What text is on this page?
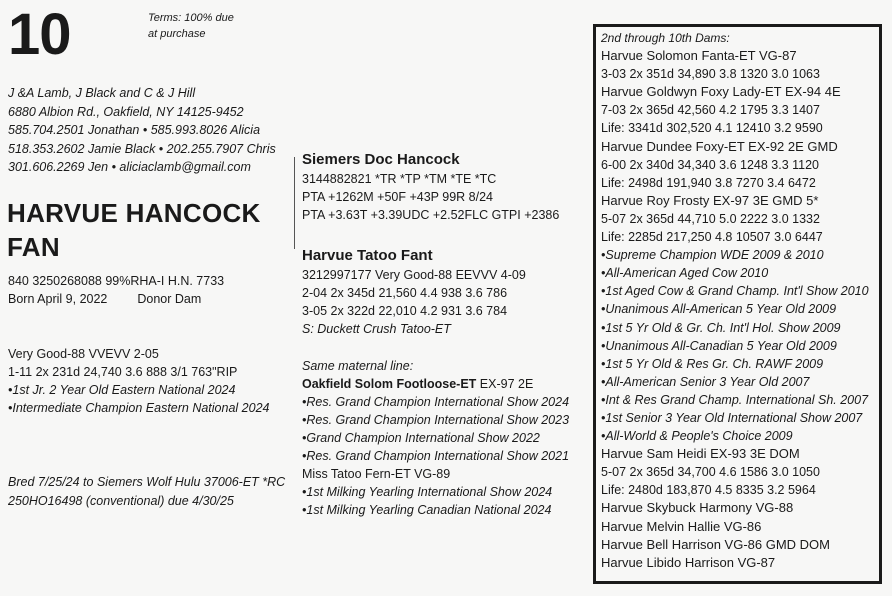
10	Terms: 100% due
at purchase
J &A Lamb, J Black and C & J Hill
6880 Albion Rd., Oakfield, NY 14125-9452
585.704.2501 Jonathan • 585.993.8026 Alicia
518.353.2602 Jamie Black • 202.255.7907 Chris
301.606.2269 Jen • aliciaclamb@gmail.com
HARVUE HANCOCK
FAN
840 3250268088 99%RHA-I H.N. 7733
Born April 9, 2022 Donor Dam
Very Good-88 VVEVV 2-05
1-11 2x 231d 24,740 3.6 888 3/1 763"RIP
•1st Jr. 2 Year Old Eastern National 2024
•Intermediate Champion Eastern National 2024
Bred 7/25/24 to Siemers Wolf Hulu 37006-ET *RC
250HO16498 (conventional) due 4/30/25
Siemers Doc Hancock
3144882821 *TR *TP *TM *TE *TC
PTA +1262M +50F +43P 99R 8/24
PTA +3.63T +3.39UDC +2.52FLC GTPI +2386
Harvue Tatoo Fant
3212997177 Very Good-88 EEVVV 4-09
2-04 2x 345d 21,560 4.4 938 3.6 786
3-05 2x 322d 22,010 4.2 931 3.6 784
S: Duckett Crush Tatoo-ET
Same maternal line:
Oakfield Solom Footloose-ET EX-97 2E
•Res. Grand Champion International Show 2024
•Res. Grand Champion International Show 2023
•Grand Champion International Show 2022
•Res. Grand Champion International Show 2021
Miss Tatoo Fern-ET VG-89
•1st Milking Yearling International Show 2024
•1st Milking Yearling Canadian National 2024
2nd through 10th Dams:
Harvue Solomon Fanta-ET VG-87
3-03 2x 351d 34,890 3.8 1320 3.0 1063
Harvue Goldwyn Foxy Lady-ET EX-94 4E
7-03 2x 365d 42,560 4.2 1795 3.3 1407
Life: 3341d 302,520 4.1 12410 3.2 9590
Harvue Dundee Foxy-ET EX-92 2E GMD
6-00 2x 340d 34,340 3.6 1248 3.3 1120
Life: 2498d 191,940 3.8 7270 3.4 6472
Harvue Roy Frosty EX-97 3E GMD 5*
5-07 2x 365d 44,710 5.0 2222 3.0 1332
Life: 2285d 217,250 4.8 10507 3.0 6447
•Supreme Champion WDE 2009 & 2010
•All-American Aged Cow 2010
•1st Aged Cow & Grand Champ. Int'l Show 2010
•Unanimous All-American 5 Year Old 2009
•1st 5 Yr Old & Gr. Ch. Int'l Hol. Show 2009
•Unanimous All-Canadian 5 Year Old 2009
•1st 5 Yr Old & Res Gr. Ch. RAWF 2009
•All-American Senior 3 Year Old 2007
•Int & Res Grand Champ. International Sh. 2007
•1st Senior 3 Year Old International Show 2007
•All-World & People's Choice 2009
Harvue Sam Heidi EX-93 3E DOM
5-07 2x 365d 34,700 4.6 1586 3.0 1050
Life: 2480d 183,870 4.5 8335 3.2 5964
Harvue Skybuck Harmony VG-88
Harvue Melvin Hallie VG-86
Harvue Bell Harrison VG-86 GMD DOM
Harvue Libido Harrison VG-87
